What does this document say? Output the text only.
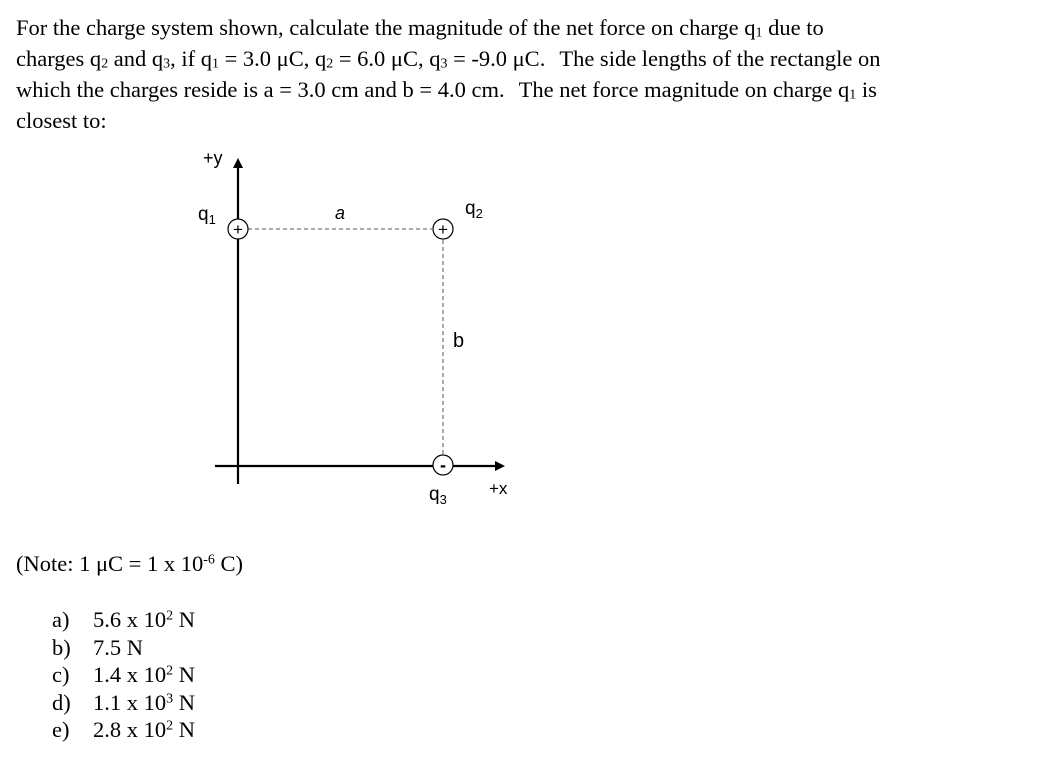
For the charge system shown, calculate the magnitude of the net force on charge $q_1$ due to
charges $q_2$ and $q_3$, if $q_1 = 3.0$ μC, $q_2 = 6.0$ μC, $q_3 = -9.0$ μC. The side lengths of the rectangle on
which the charges reside is a = 3.0 cm and b = 4.0 cm. The net force magnitude on charge $q_1$ is
closest to:
+y
+x
a
b
+
$q_1$
+
$q_2$
-
$q_3$
(Note: 1 μC = 1 x $10^{-6}$ C)
a) 5.6 x $10^2$ N
b) 7.5 N
c) 1.4 x $10^2$ N
d) 1.1 x $10^3$ N
e) 2.8 x $10^2$ N
